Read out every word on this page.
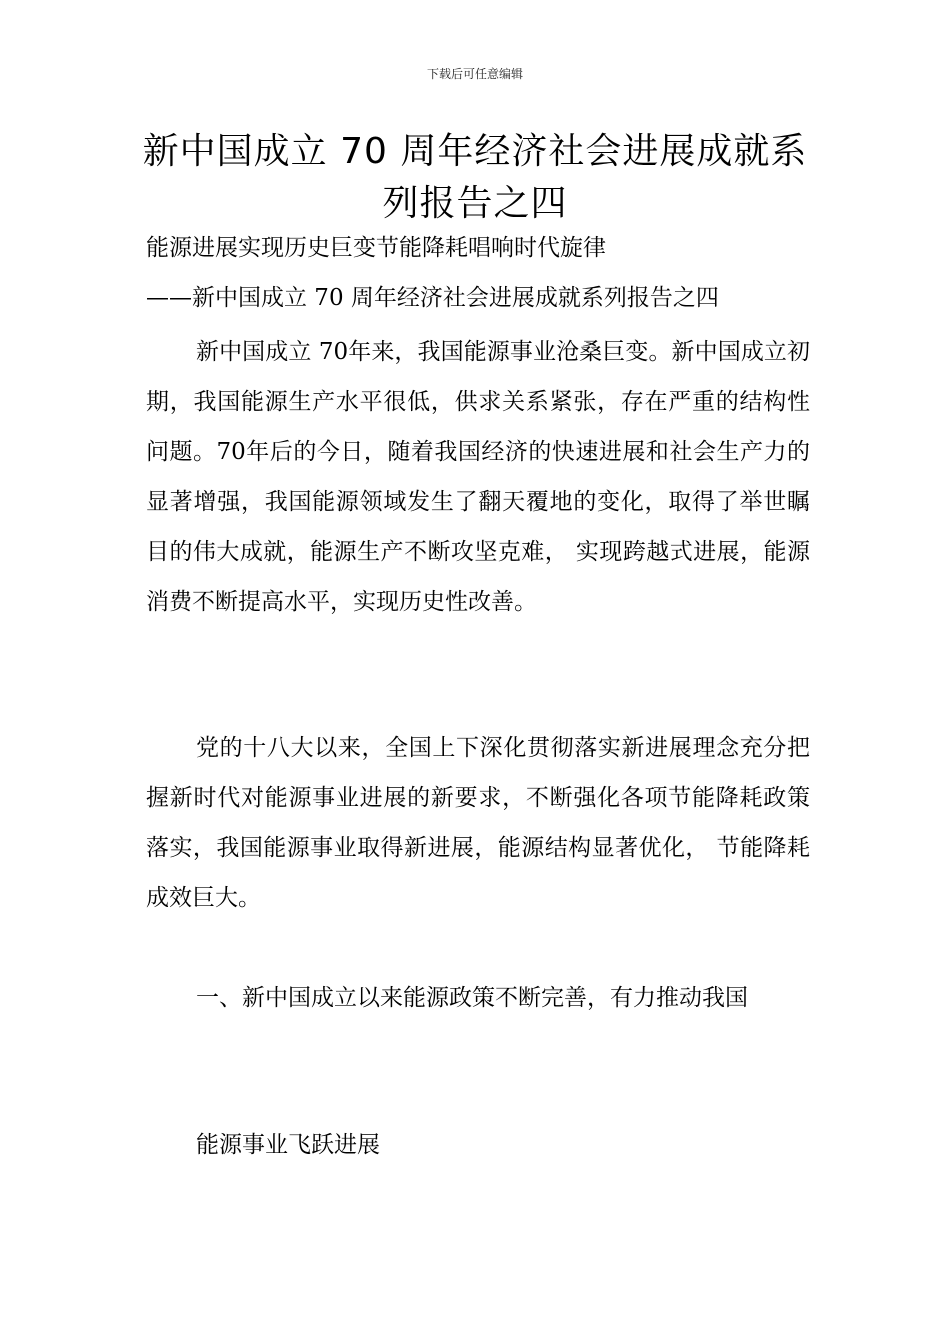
下载后可任意编辑
新中国成立 70 周年经济社会进展成就系列报告之四
能源进展实现历史巨变节能降耗唱响时代旋律
——新中国成立 70 周年经济社会进展成就系列报告之四

新中国成立 70年来，我国能源事业沧桑巨变。新中国成立初期，我国能源生产水平很低，供求关系紧张，存在严重的结构性问题。70年后的今日，随着我国经济的快速进展和社会生产力的显著增强，我国能源领域发生了翻天覆地的变化，取得了举世瞩目的伟大成就，能源生产不断攻坚克难， 实现跨越式进展，能源消费不断提高水平，实现历史性改善。

党的十八大以来，全国上下深化贯彻落实新进展理念充分把握新时代对能源事业进展的新要求，不断强化各项节能降耗政策落实，我国能源事业取得新进展，能源结构显著优化， 节能降耗成效巨大。

一、新中国成立以来能源政策不断完善，有力推动我国

能源事业飞跃进展
